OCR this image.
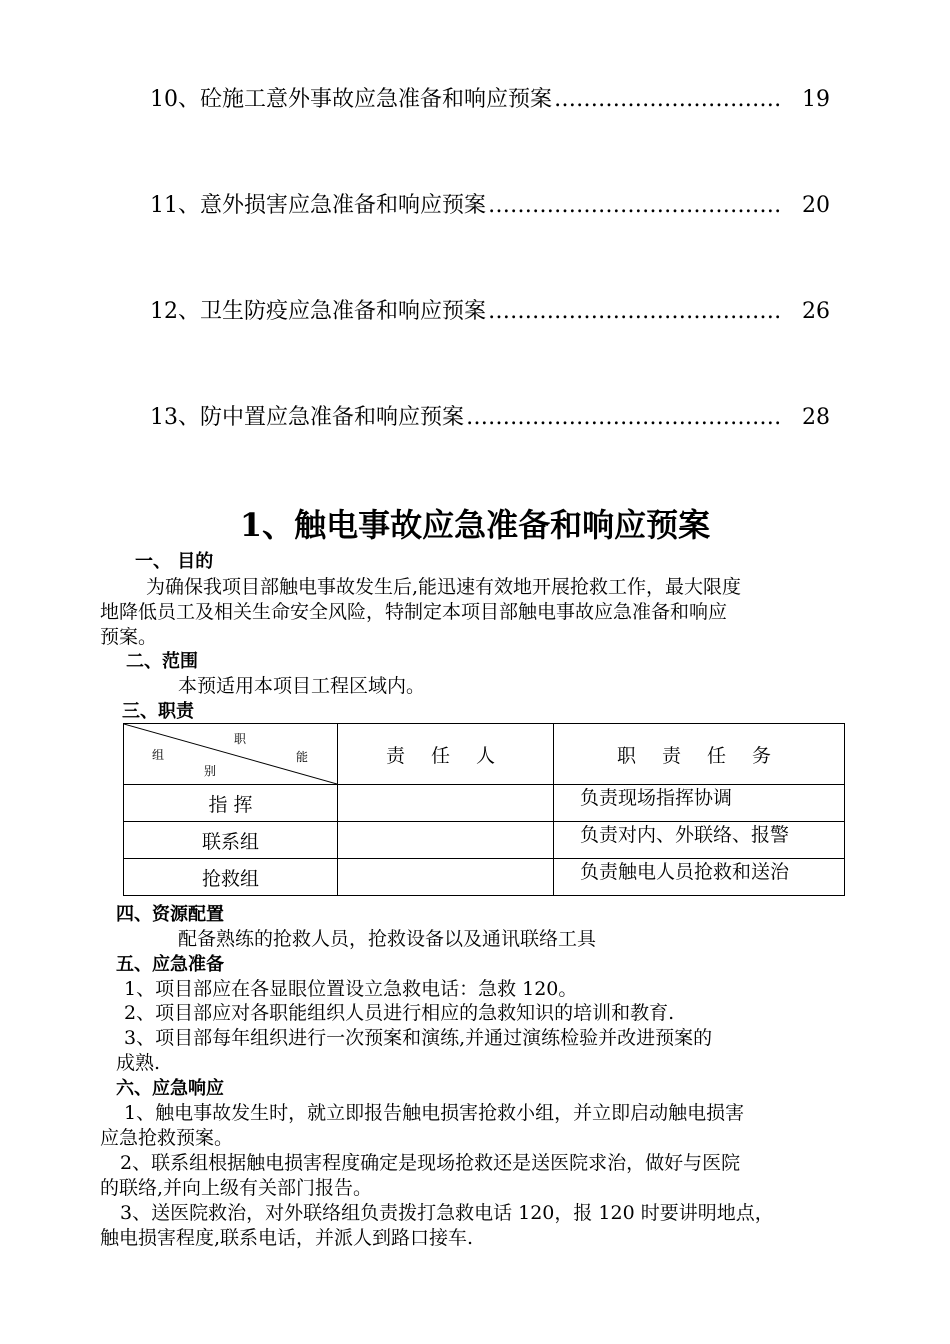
10、砼施工意外事故应急准备和响应预案 …………………………………………………………………………………………………	19
11、意外损害应急准备和响应预案 …………………………………………………………………………………………………	20
12、卫生防疫应急准备和响应预案 …………………………………………………………………………………………………	26
13、防中置应急准备和响应预案 …………………………………………………………………………………………………	28
1、触电事故应急准备和响应预案
一、 目的
为确保我项目部触电事故发生后,能迅速有效地开展抢救工作，最大限度
地降低员工及相关生命安全风险，特制定本项目部触电事故应急准备和响应
预案。
二、范围
本预适用本项目工程区域内。
三、职责
职
组 能
别	责 任 人	职 责 任 务
指 挥		负责现场指挥协调
联系组		负责对内、外联络、报警
抢救组		负责触电人员抢救和送治
四、资源配置
配备熟练的抢救人员，抢救设备以及通讯联络工具
五、应急准备
1、项目部应在各显眼位置设立急救电话：急救 120。
2、项目部应对各职能组织人员进行相应的急救知识的培训和教育.
3、项目部每年组织进行一次预案和演练,并通过演练检验并改进预案的
成熟.
六、应急响应
1、触电事故发生时，就立即报告触电损害抢救小组，并立即启动触电损害
应急抢救预案。
2、联系组根据触电损害程度确定是现场抢救还是送医院求治，做好与医院
的联络,并向上级有关部门报告。
3、送医院救治，对外联络组负责拨打急救电话 120，报 120 时要讲明地点，
触电损害程度,联系电话，并派人到路口接车.
